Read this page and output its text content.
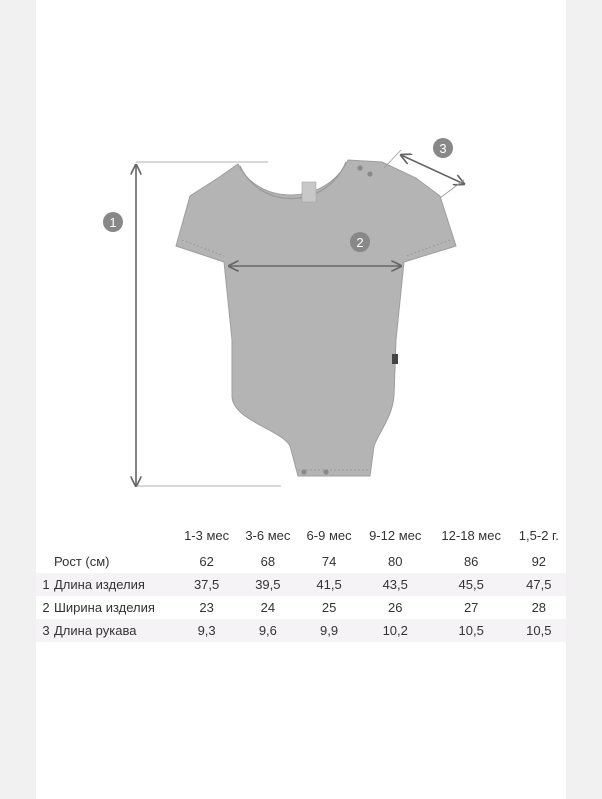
1
2
3
		1-3 мес	3-6 мес	6-9 мес	9-12 мес	12-18 мес	1,5-2 г.
	Рост (см)	62	68	74	80	86	92
1	Длина изделия	37,5	39,5	41,5	43,5	45,5	47,5
2	Ширина изделия	23	24	25	26	27	28
3	Длина рукава	9,3	9,6	9,9	10,2	10,5	10,5
